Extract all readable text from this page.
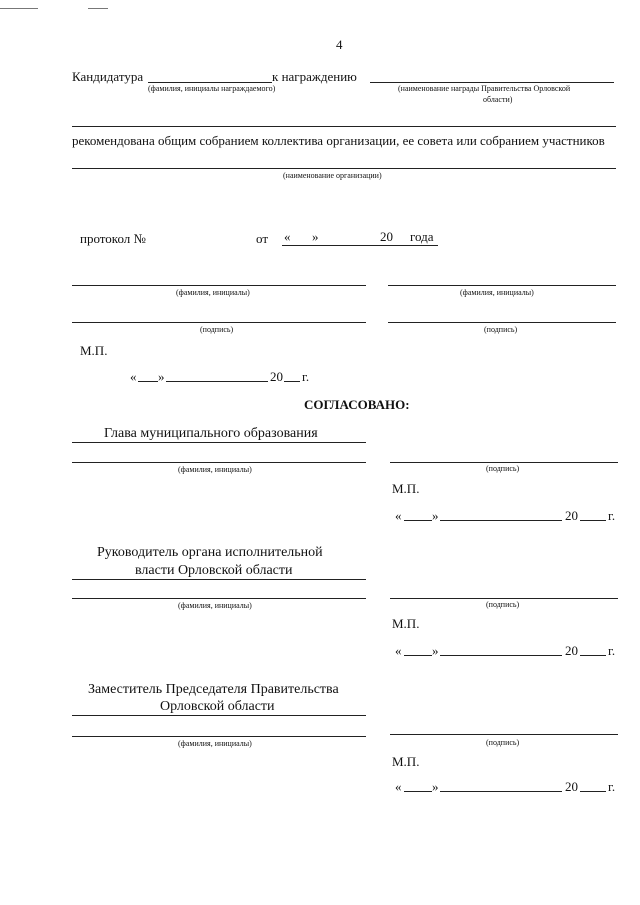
4
Кандидатура	к награждению
(фамилия, инициалы награждаемого)	(наименование награды Правительства Орловской
области)
рекомендована общим собранием коллектива организации, ее совета или собранием участников
(наименование организации)
протокол №	от « »	20 года
(фамилия, инициалы)	(фамилия, инициалы)
(подпись)	(подпись)
М.П.
« »	20 г.
СОГЛАСОВАНО:
Глава муниципального образования
(фамилия, инициалы)	(подпись)
М.П.
« »	20 г.
Руководитель органа исполнительной
власти Орловской области
(фамилия, инициалы)	(подпись)
М.П.
« »	20 г.
Заместитель Председателя Правительства
Орловской области
(фамилия, инициалы)	(подпись)
М.П.
« »	20 г.
